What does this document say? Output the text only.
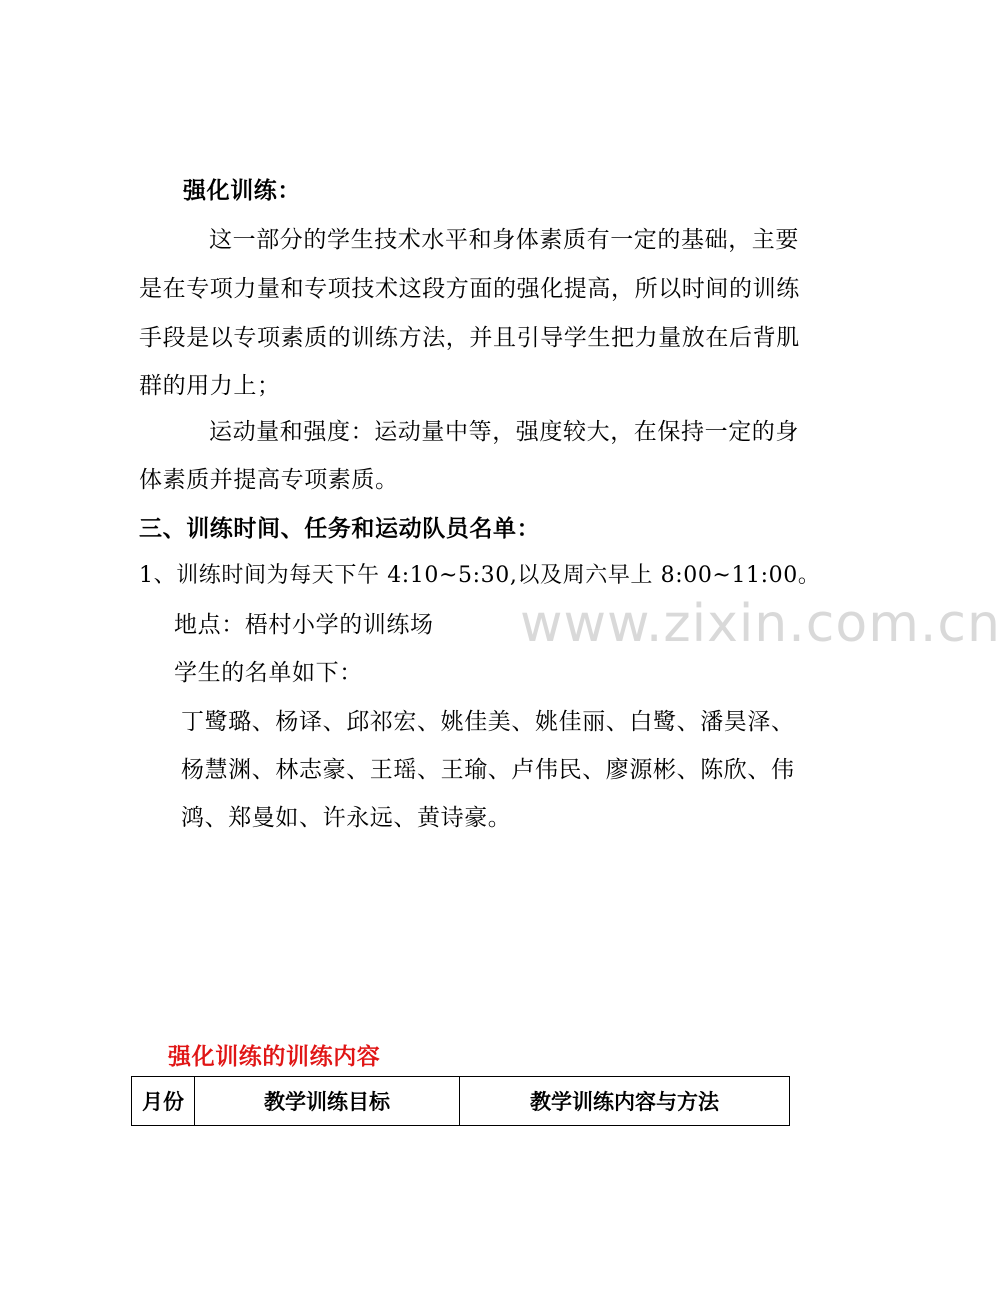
www.zixin.com.cn
强化训练：
这一部分的学生技术水平和身体素质有一定的基础，主要
是在专项力量和专项技术这段方面的强化提高，所以时间的训练
手段是以专项素质的训练方法，并且引导学生把力量放在后背肌
群的用力上；
运动量和强度：运动量中等，强度较大，在保持一定的身
体素质并提高专项素质。
三、训练时间、任务和运动队员名单：
1、训练时间为每天下午 4:10~5:30,以及周六早上 8:00~11:00。
地点：梧村小学的训练场
学生的名单如下：
丁鹭璐、杨译、邱祁宏、姚佳美、姚佳丽、白鹭、潘昊泽、
杨慧渊、林志豪、王瑶、王瑜、卢伟民、廖源彬、陈欣、伟
鸿、郑曼如、许永远、黄诗豪。
强化训练的训练内容
月份	教学训练目标	教学训练内容与方法
